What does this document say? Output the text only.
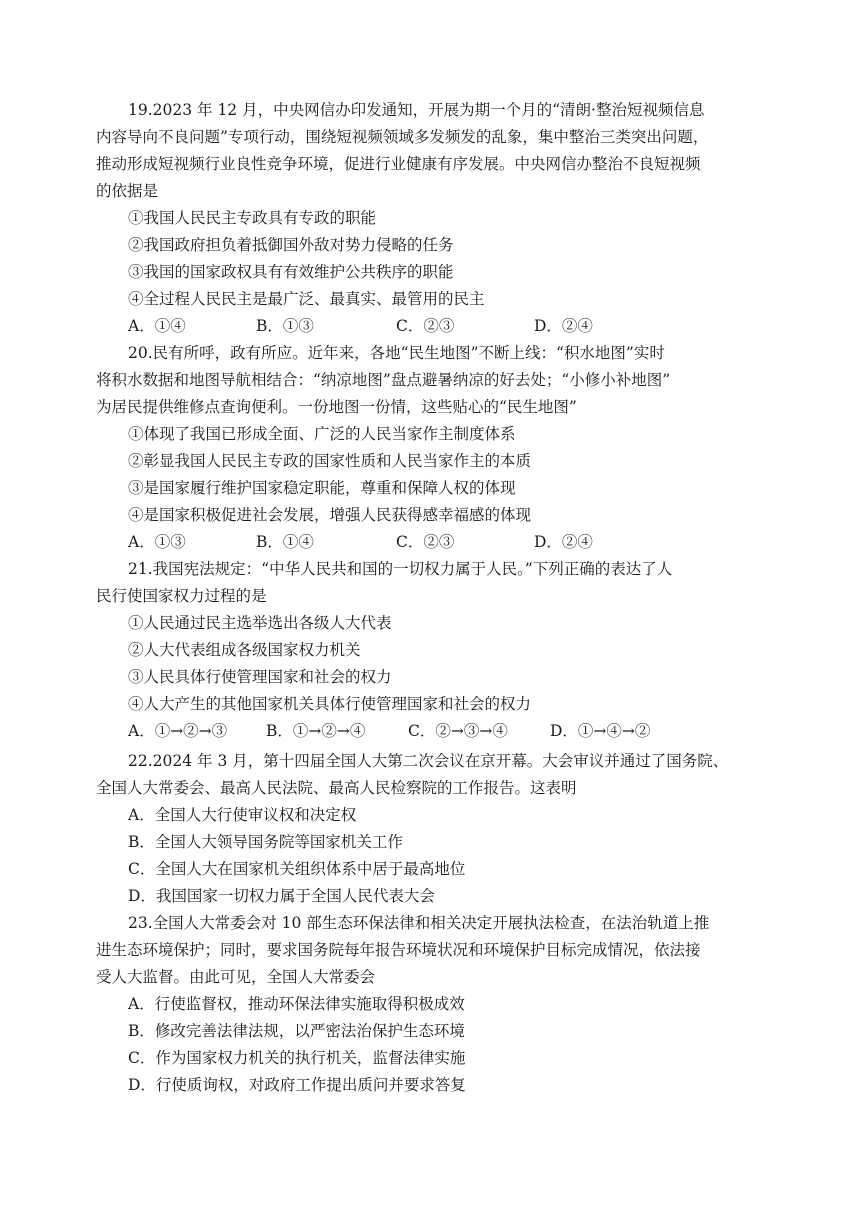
19.2023 年 12 月，中央网信办印发通知，开展为期一个月的“清朗·整治短视频信息
内容导向不良问题”专项行动，围绕短视频领域多发频发的乱象，集中整治三类突出问题，
推动形成短视频行业良性竞争环境，促进行业健康有序发展。中央网信办整治不良短视频
的依据是
①我国人民民主专政具有专政的职能
②我国政府担负着抵御国外敌对势力侵略的任务
③我国的国家政权具有有效维护公共秩序的职能
④全过程人民民主是最广泛、最真实、最管用的民主
A．①④	B．①③	C．②③	D．②④
20.民有所呼，政有所应。近年来，各地“民生地图”不断上线：“积水地图”实时
将积水数据和地图导航相结合：“纳凉地图”盘点避暑纳凉的好去处；“小修小补地图”
为居民提供维修点查询便利。一份地图一份情，这些贴心的“民生地图”
①体现了我国已形成全面、广泛的人民当家作主制度体系
②彰显我国人民民主专政的国家性质和人民当家作主的本质
③是国家履行维护国家稳定职能，尊重和保障人权的体现
④是国家积极促进社会发展，增强人民获得感幸福感的体现
A．①③	B．①④	C．②③	D．②④
21.我国宪法规定：“中华人民共和国的一切权力属于人民。”下列正确的表达了人
民行使国家权力过程的是
①人民通过民主选举选出各级人大代表
②人大代表组成各级国家权力机关
③人民具体行使管理国家和社会的权力
④人大产生的其他国家机关具体行使管理国家和社会的权力
A．①→②→③	B．①→②→④	C．②→③→④	D．①→④→②
22.2024 年 3 月，第十四届全国人大第二次会议在京开幕。大会审议并通过了国务院、
全国人大常委会、最高人民法院、最高人民检察院的工作报告。这表明
A．全国人大行使审议权和决定权
B．全国人大领导国务院等国家机关工作
C．全国人大在国家机关组织体系中居于最高地位
D．我国国家一切权力属于全国人民代表大会
23.全国人大常委会对 10 部生态环保法律和相关决定开展执法检查，在法治轨道上推
进生态环境保护；同时，要求国务院每年报告环境状况和环境保护目标完成情况，依法接
受人大监督。由此可见，全国人大常委会
A．行使监督权，推动环保法律实施取得积极成效
B．修改完善法律法规，以严密法治保护生态环境
C．作为国家权力机关的执行机关，监督法律实施
D．行使质询权，对政府工作提出质问并要求答复
